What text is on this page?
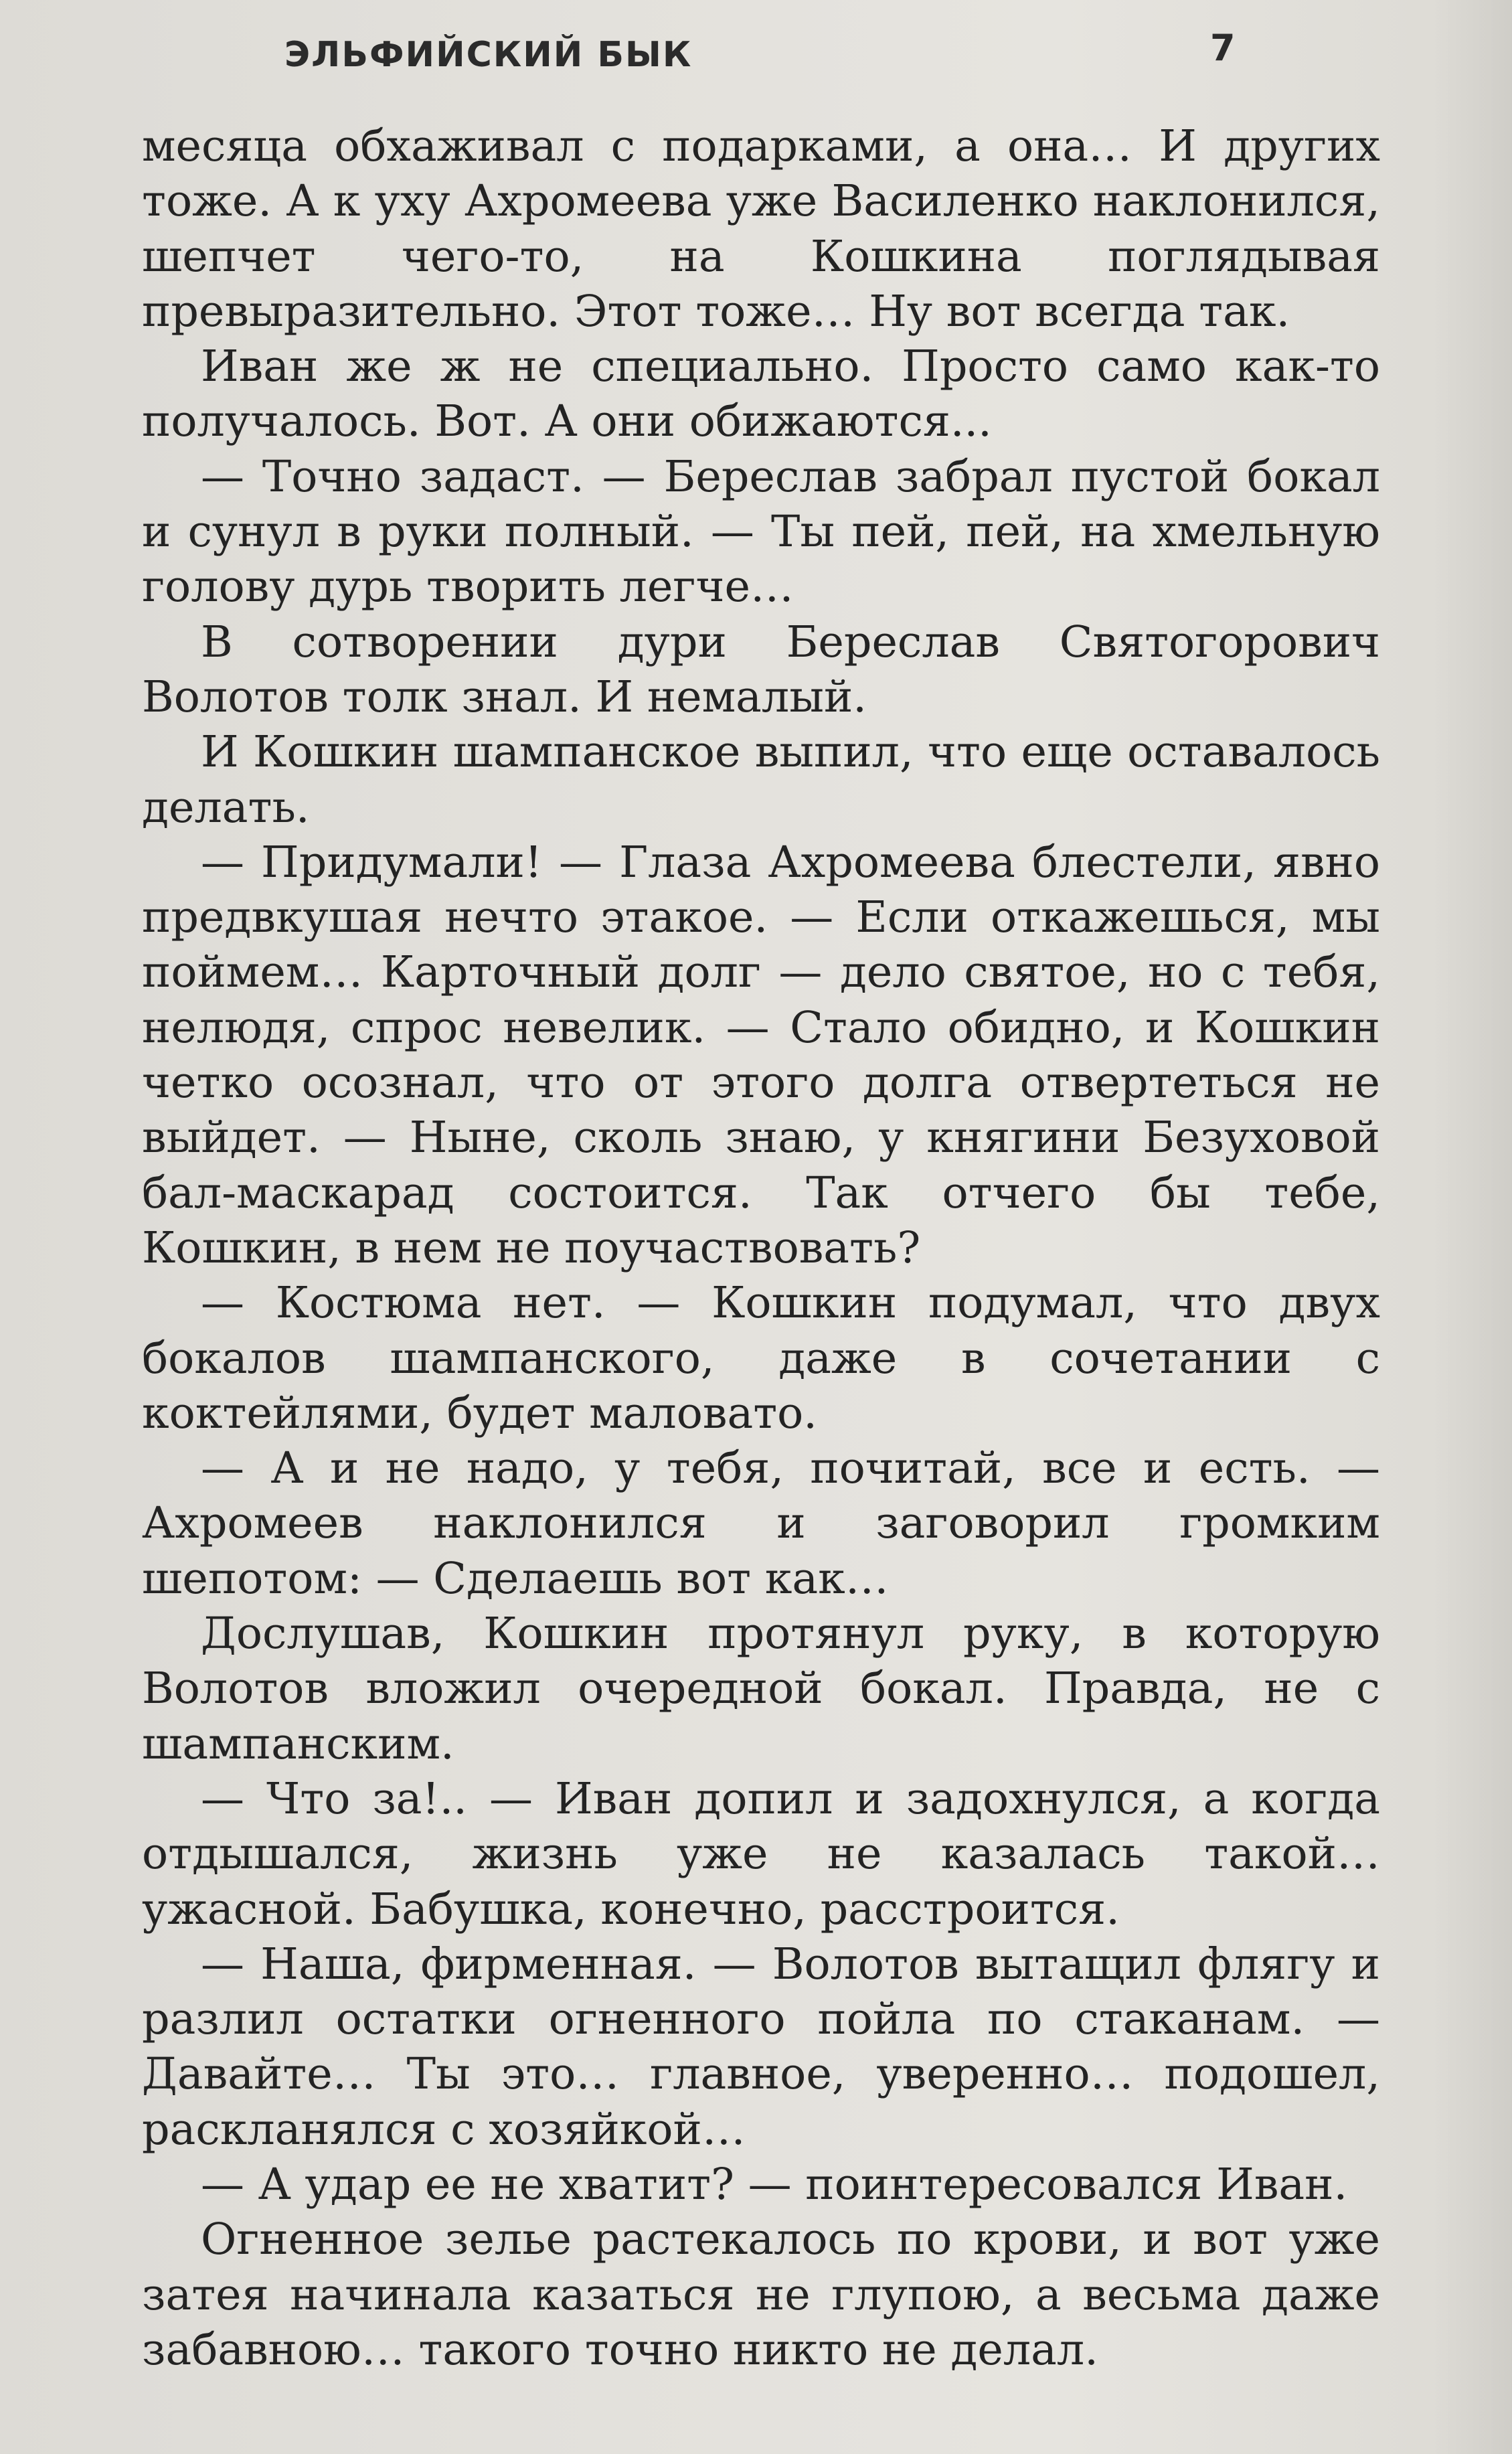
ЭЛЬФИЙСКИЙ БЫК	7

месяца обхаживал с подарками, а она… И других тоже. А к уху Ахромеева уже Василенко наклонился, шепчет чего-то, на Кошкина поглядывая превыразительно. Этот тоже… Ну вот всегда так.

Иван же ж не специально. Просто само как-то получалось. Вот. А они обижаются...

— Точно задаст. — Береслав забрал пустой бокал и сунул в руки полный. — Ты пей, пей, на хмельную голову дурь творить легче…

В сотворении дури Береслав Святогорович Волотов толк знал. И немалый.

И Кошкин шампанское выпил, что еще оставалось делать.

— Придумали! — Глаза Ахромеева блестели, явно предвкушая нечто этакое. — Если откажешься, мы поймем… Карточный долг — дело святое, но с тебя, нелюдя, спрос невелик. — Стало обидно, и Кошкин четко осознал, что от этого долга отвертеться не выйдет. — Ныне, сколь знаю, у княгини Безуховой бал-маскарад состоится. Так отчего бы тебе, Кошкин, в нем не поучаствовать?

— Костюма нет. — Кошкин подумал, что двух бокалов шампанского, даже в сочетании с коктейлями, будет маловато.

— А и не надо, у тебя, почитай, все и есть. — Ахромеев наклонился и заговорил громким шепотом: — Сделаешь вот как…

Дослушав, Кошкин протянул руку, в которую Волотов вложил очередной бокал. Правда, не с шампанским.

— Что за!.. — Иван допил и задохнулся, а когда отдышался, жизнь уже не казалась такой… ужасной. Бабушка, конечно, расстроится.

— Наша, фирменная. — Волотов вытащил флягу и разлил остатки огненного пойла по стаканам. — Давайте… Ты это… главное, уверенно… подошел, раскланялся с хозяйкой…

— А удар ее не хватит? — поинтересовался Иван.

Огненное зелье растекалось по крови, и вот уже затея начинала казаться не глупою, а весьма даже забавною… такого точно никто не делал.
